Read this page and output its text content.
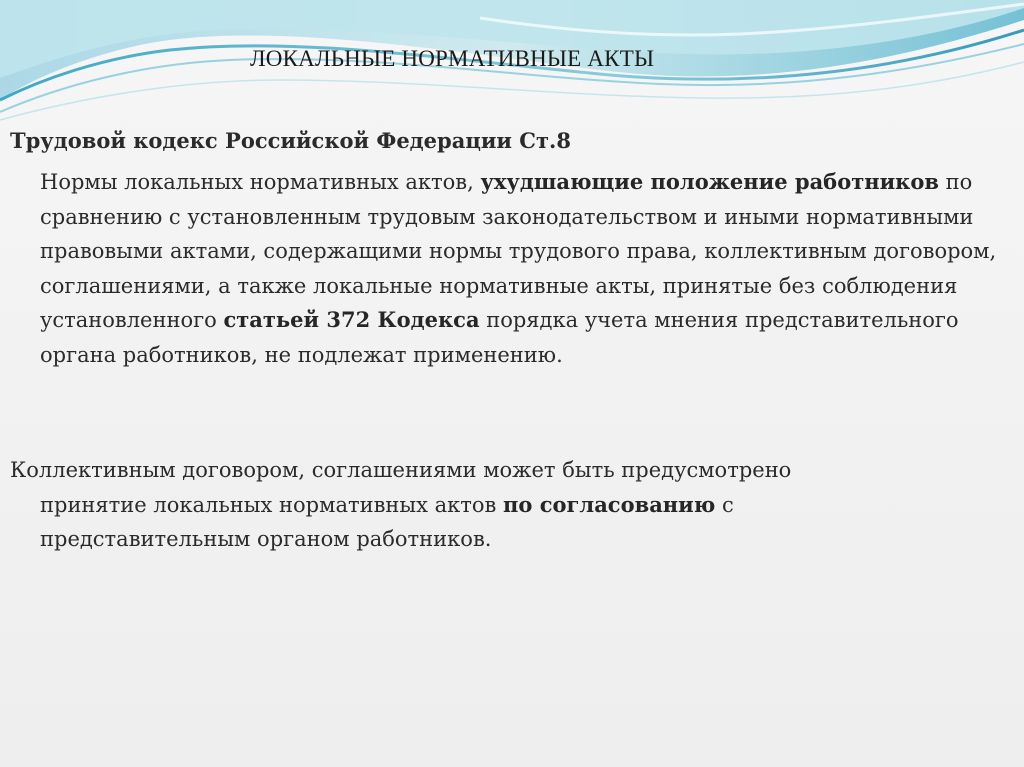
ЛОКАЛЬНЫЕ НОРМАТИВНЫЕ АКТЫ
Трудовой кодекс Российской Федерации Ст.8

Нормы локальных нормативных актов, ухудшающие положение работников по сравнению с установленным трудовым законодательством и иными нормативными правовыми актами, содержащими нормы трудового права, коллективным договором, соглашениями, а также локальные нормативные акты, принятые без соблюдения установленного статьей 372 Кодекса порядка учета мнения представительного органа работников, не подлежат применению.

Коллективным договором, соглашениями может быть предусмотрено
принятие локальных нормативных актов по согласованию с представительным органом работников.
